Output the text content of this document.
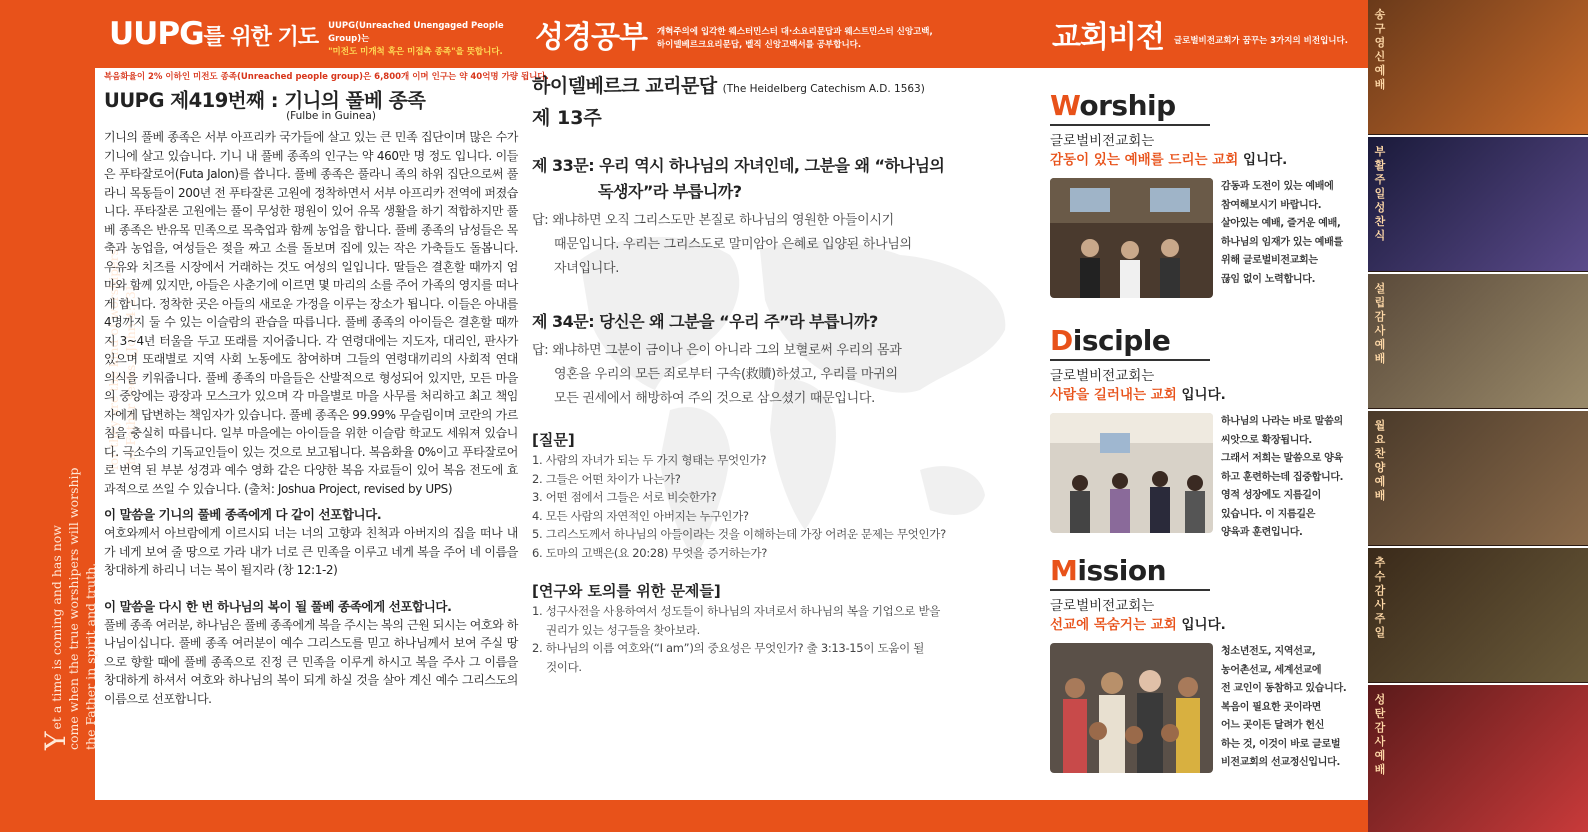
Yet a time is coming and has now come when the true worshipers will worship the Father in spirit and truth,
for they are the kind of worshipers the Father seeks. [John 4:23]
UUPG를 위한 기도 UUPG(Unreached Unengaged People Group)는
"미전도 미개척 혹은 미접촉 종족"을 뜻합니다.	성경공부 개혁주의에 입각한 웨스터민스터 대·소요리문답과 웨스트민스터 신앙고백,
하이델베르크요리문답, 벨직 신앙고백서를 공부합니다.	교회비전 글로벌비전교회가 꿈꾸는 3가지의 비전입니다.
복음화율이 2% 이하인 미전도 종족(Unreached people group)은 6,800개 이며 인구는 약 40억명 가량 됩니다.
UUPG 제419번째 : 기니의 풀베 종족
(Fulbe in Guinea)

기니의 풀베 종족은 서부 아프리카 국가들에 살고 있는 큰 민족 집단이며 많은 수가 기니에 살고 있습니다. 기니 내 풀베 종족의 인구는 약 460만 명 정도 입니다. 이들은 푸타잘로어(Futa Jalon)를 씁니다. 풀베 종족은 풀라니 족의 하위 집단으로써 풀라니 목동들이 200년 전 푸타잘론 고원에 정착하면서 서부 아프리카 전역에 퍼졌습니다. 푸타잘론 고원에는 풀이 무성한 평원이 있어 유목 생활을 하기 적합하지만 풀베 종족은 반유목 민족으로 목축업과 함께 농업을 합니다. 풀베 종족의 남성들은 목축과 농업을, 여성들은 젖을 짜고 소를 돌보며 집에 있는 작은 가축들도 돌봅니다. 우유와 치즈를 시장에서 거래하는 것도 여성의 일입니다. 딸들은 결혼할 때까지 엄마와 함께 있지만, 아들은 사춘기에 이르면 몇 마리의 소를 주어 가족의 영지를 떠나게 합니다. 정착한 곳은 아들의 새로운 가정을 이루는 장소가 됩니다. 이들은 아내를 4명까지 둘 수 있는 이슬람의 관습을 따릅니다. 풀베 종족의 아이들은 결혼할 때까지 3~4년 터울을 두고 또래를 지어줍니다. 각 연령대에는 지도자, 대리인, 판사가 있으며 또래별로 지역 사회 노동에도 참여하며 그들의 연령대끼리의 사회적 연대 의식을 키워줍니다. 풀베 종족의 마을들은 산발적으로 형성되어 있지만, 모든 마을의 중앙에는 광장과 모스크가 있으며 각 마을별로 마을 사무를 처리하고 최고 책임자에게 답변하는 책임자가 있습니다. 풀베 종족은 99.99% 무슬림이며 코란의 가르침을 충실히 따릅니다. 일부 마을에는 아이들을 위한 이슬람 학교도 세워져 있습니다. 극소수의 기독교인들이 있는 것으로 보고됩니다. 복음화율 0%이고 푸타잘로어로 번역 된 부분 성경과 예수 영화 같은 다양한 복음 자료들이 있어 복음 전도에 효과적으로 쓰일 수 있습니다. (출처: Joshua Project, revised by UPS)

이 말씀을 기니의 풀베 종족에게 다 같이 선포합니다.

여호와께서 아브람에게 이르시되 너는 너의 고향과 친척과 아버지의 집을 떠나 내가 네게 보여 줄 땅으로 가라 내가 너로 큰 민족을 이루고 네게 복을 주어 네 이름을 창대하게 하리니 너는 복이 될지라 (창 12:1-2)

이 말씀을 다시 한 번 하나님의 복이 될 풀베 종족에게 선포합니다.

풀베 종족 여러분, 하나님은 풀베 종족에게 복을 주시는 복의 근원 되시는 여호와 하나님이십니다. 풀베 종족 여러분이 예수 그리스도를 믿고 하나님께서 보여 주실 땅으로 향할 때에 풀베 종족으로 진정 큰 민족을 이루게 하시고 복을 주사 그 이름을 창대하게 하셔서 여호와 하나님의 복이 되게 하실 것을 살아 계신 예수 그리스도의 이름으로 선포합니다.

하이델베르크 교리문답 (The Heidelberg Catechism A.D. 1563)
제 13주
제 33문: 우리 역시 하나님의 자녀인데, 그분을 왜 “하나님의
독생자”라 부릅니까?
답: 왜냐하면 오직 그리스도만 본질로 하나님의 영원한 아들이시기
때문입니다. 우리는 그리스도로 말미암아 은혜로 입양된 하나님의
자녀입니다.
제 34문: 당신은 왜 그분을 “우리 주”라 부릅니까?
답: 왜냐하면 그분이 금이나 은이 아니라 그의 보혈로써 우리의 몸과
영혼을 우리의 모든 죄로부터 구속(救贖)하셨고, 우리를 마귀의
모든 권세에서 해방하여 주의 것으로 삼으셨기 때문입니다.
[질문]
1. 사람의 자녀가 되는 두 가지 형태는 무엇인가?
2. 그들은 어떤 차이가 나는가?
3. 어떤 점에서 그들은 서로 비슷한가?
4. 모든 사람의 자연적인 아버지는 누구인가?
5. 그리스도께서 하나님의 아들이라는 것을 이해하는데 가장 어려운 문제는 무엇인가?
6. 도마의 고백은(요 20:28) 무엇을 증거하는가?
[연구와 토의를 위한 문제들]
1. 성구사전을 사용하여서 성도들이 하나님의 자녀로서 하나님의 복을 기업으로 받을
권리가 있는 성구들을 찾아보라.
2. 하나님의 이름 여호와(“I am”)의 중요성은 무엇인가? 출 3:13-15이 도움이 될
것이다.
Worship
글로벌비전교회는
감동이 있는 예배를 드리는 교회 입니다.
감동과 도전이 있는 예배에
참여해보시기 바랍니다.
살아있는 예배, 즐거운 예배,
하나님의 임재가 있는 예배를
위해 글로벌비전교회는
끊임 없이 노력합니다.
Disciple
글로벌비전교회는
사람을 길러내는 교회 입니다.
하나님의 나라는 바로 말씀의
씨앗으로 확장됩니다.
그래서 저희는 말씀으로 양육
하고 훈련하는데 집중합니다.
영적 성장에도 지름길이
있습니다. 이 지름길은
양육과 훈련입니다.
Mission
글로벌비전교회는
선교에 목숨거는 교회 입니다.
청소년전도, 지역선교,
농어촌선교, 세계선교에
전 교인이 동참하고 있습니다.
복음이 필요한 곳이라면
어느 곳이든 달려가 헌신
하는 것, 이것이 바로 글로벌
비전교회의 선교정신입니다.
송구영신예배
부활주일 성찬식
설립감사예배
월요찬양예배
추수감사주일
성탄감사예배
